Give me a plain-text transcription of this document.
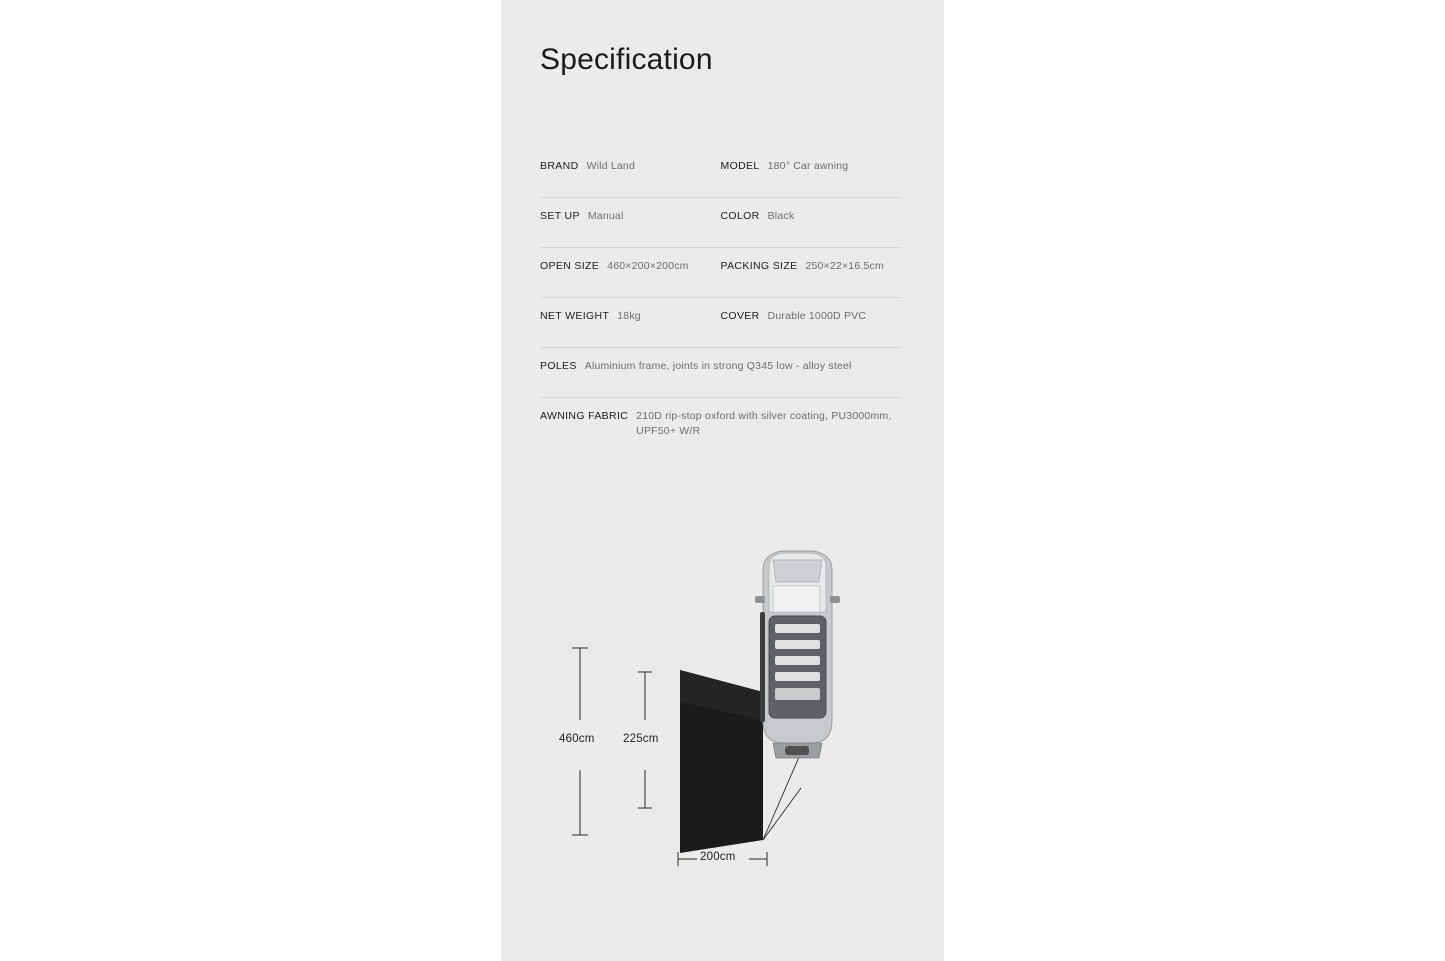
Specification
BRAND Wild Land	MODEL 180° Car awning
SET UP Manual	COLOR Black
OPEN SIZE 460×200×200cm	PACKING SIZE 250×22×16.5cm
NET WEIGHT 18kg	COVER Durable 1000D PVC
POLES Aluminium frame, joints in strong Q345 low - alloy steel
AWNING FABRIC 210D rip-stop oxford with silver coating, PU3000mm, UPF50+ W/R
460cm 225cm
200cm
